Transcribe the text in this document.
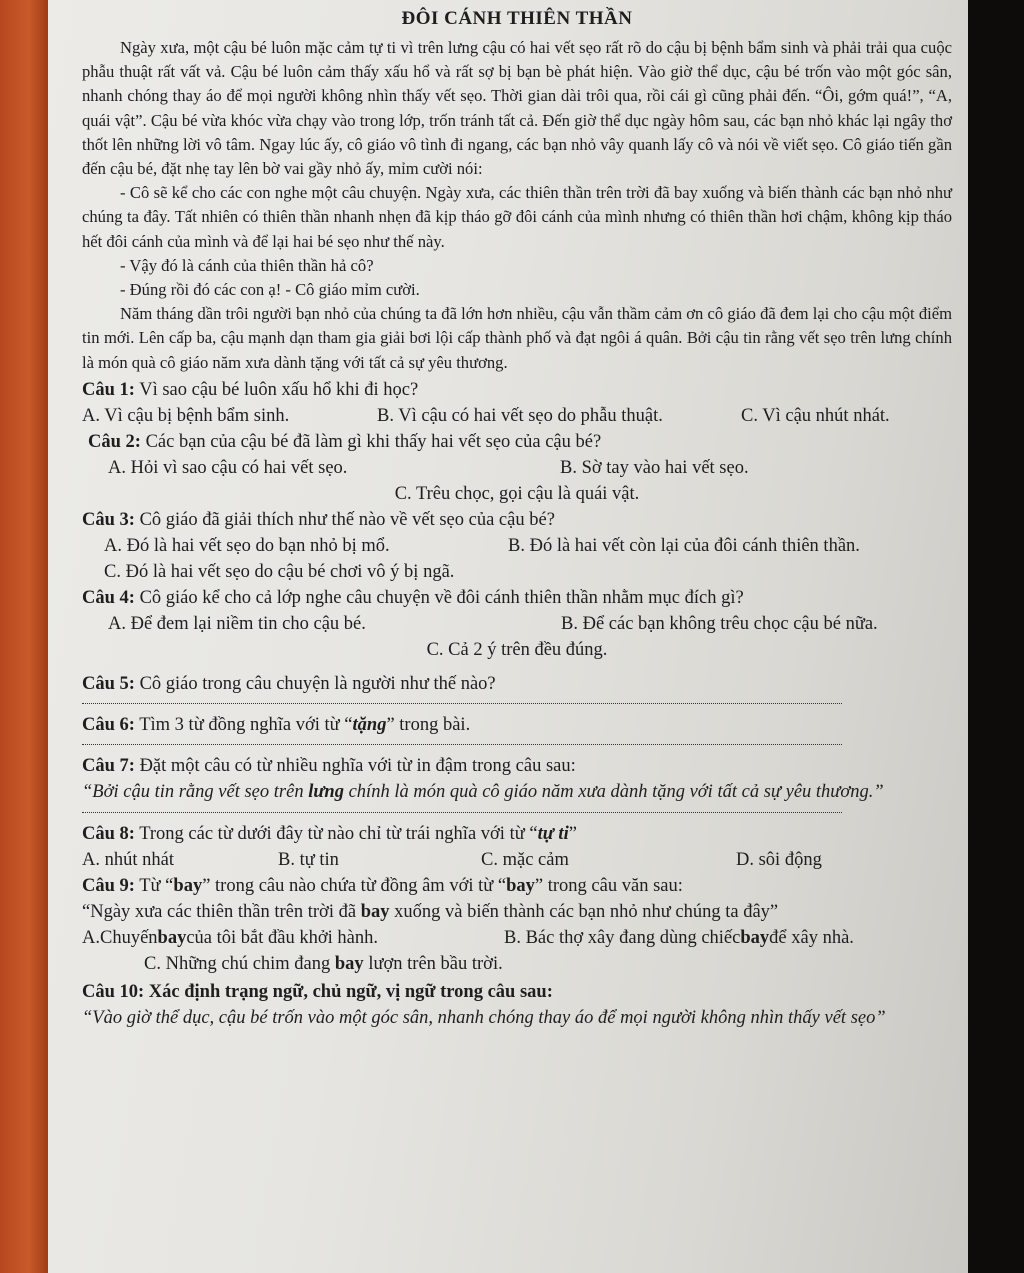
ĐÔI CÁNH THIÊN THẦN

Ngày xưa, một cậu bé luôn mặc cảm tự ti vì trên lưng cậu có hai vết sẹo rất rõ do cậu bị bệnh bẩm sinh và phải trải qua cuộc phẫu thuật rất vất vả. Cậu bé luôn cảm thấy xấu hổ và rất sợ bị bạn bè phát hiện. Vào giờ thể dục, cậu bé trốn vào một góc sân, nhanh chóng thay áo để mọi người không nhìn thấy vết sẹo. Thời gian dài trôi qua, rồi cái gì cũng phải đến. “Ôi, gớm quá!”, “A, quái vật”. Cậu bé vừa khóc vừa chạy vào trong lớp, trốn tránh tất cả. Đến giờ thể dục ngày hôm sau, các bạn nhỏ khác lại ngây thơ thốt lên những lời vô tâm. Ngay lúc ấy, cô giáo vô tình đi ngang, các bạn nhỏ vây quanh lấy cô và nói về viết sẹo. Cô giáo tiến gần đến cậu bé, đặt nhẹ tay lên bờ vai gầy nhỏ ấy, mỉm cười nói:

- Cô sẽ kể cho các con nghe một câu chuyện. Ngày xưa, các thiên thần trên trời đã bay xuống và biến thành các bạn nhỏ như chúng ta đây. Tất nhiên có thiên thần nhanh nhẹn đã kịp tháo gỡ đôi cánh của mình nhưng có thiên thần hơi chậm, không kịp tháo hết đôi cánh của mình và để lại hai bé sẹo như thế này.

- Vậy đó là cánh của thiên thần hả cô?

- Đúng rồi đó các con ạ! - Cô giáo mỉm cười.

Năm tháng dần trôi người bạn nhỏ của chúng ta đã lớn hơn nhiều, cậu vẫn thầm cảm ơn cô giáo đã đem lại cho cậu một điểm tin mới. Lên cấp ba, cậu mạnh dạn tham gia giải bơi lội cấp thành phố và đạt ngôi á quân. Bởi cậu tin rằng vết sẹo trên lưng chính là món quà cô giáo năm xưa dành tặng với tất cả sự yêu thương.

Câu 1: Vì sao cậu bé luôn xấu hổ khi đi học?

A. Vì cậu bị bệnh bẩm sinh.	B. Vì cậu có hai vết sẹo do phẫu thuật.	C. Vì cậu nhút nhát.

Câu 2: Các bạn của cậu bé đã làm gì khi thấy hai vết sẹo của cậu bé?

A. Hỏi vì sao cậu có hai vết sẹo.	B. Sờ tay vào hai vết sẹo.

C. Trêu chọc, gọi cậu là quái vật.

Câu 3: Cô giáo đã giải thích như thế nào về vết sẹo của cậu bé?

A. Đó là hai vết sẹo do bạn nhỏ bị mổ.	B. Đó là hai vết còn lại của đôi cánh thiên thần.

C. Đó là hai vết sẹo do cậu bé chơi vô ý bị ngã.

Câu 4: Cô giáo kể cho cả lớp nghe câu chuyện về đôi cánh thiên thần nhằm mục đích gì?

A. Để đem lại niềm tin cho cậu bé.	B. Để các bạn không trêu chọc cậu bé nữa.

C. Cả 2 ý trên đều đúng.

Câu 5: Cô giáo trong câu chuyện là người như thế nào?

Câu 6: Tìm 3 từ đồng nghĩa với từ “tặng” trong bài.

Câu 7: Đặt một câu có từ nhiều nghĩa với từ in đậm trong câu sau:

“Bởi cậu tin rằng vết sẹo trên lưng chính là món quà cô giáo năm xưa dành tặng với tất cả sự yêu thương.”

Câu 8: Trong các từ dưới đây từ nào chỉ từ trái nghĩa với từ “tự ti”

A. nhút nhát	B. tự tin	C. mặc cảm	D. sôi động

Câu 9: Từ “bay” trong câu nào chứa từ đồng âm với từ “bay” trong câu văn sau:

“Ngày xưa các thiên thần trên trời đã bay xuống và biến thành các bạn nhỏ như chúng ta đây”

A.Chuyếnbaycủa tôi bắt đầu khởi hành.	B. Bác thợ xây đang dùng chiếcbayđể xây nhà.

C. Những chú chim đang bay lượn trên bầu trời.

Câu 10: Xác định trạng ngữ, chủ ngữ, vị ngữ trong câu sau:

“Vào giờ thể dục, cậu bé trốn vào một góc sân, nhanh chóng thay áo để mọi người không nhìn thấy vết sẹo”
